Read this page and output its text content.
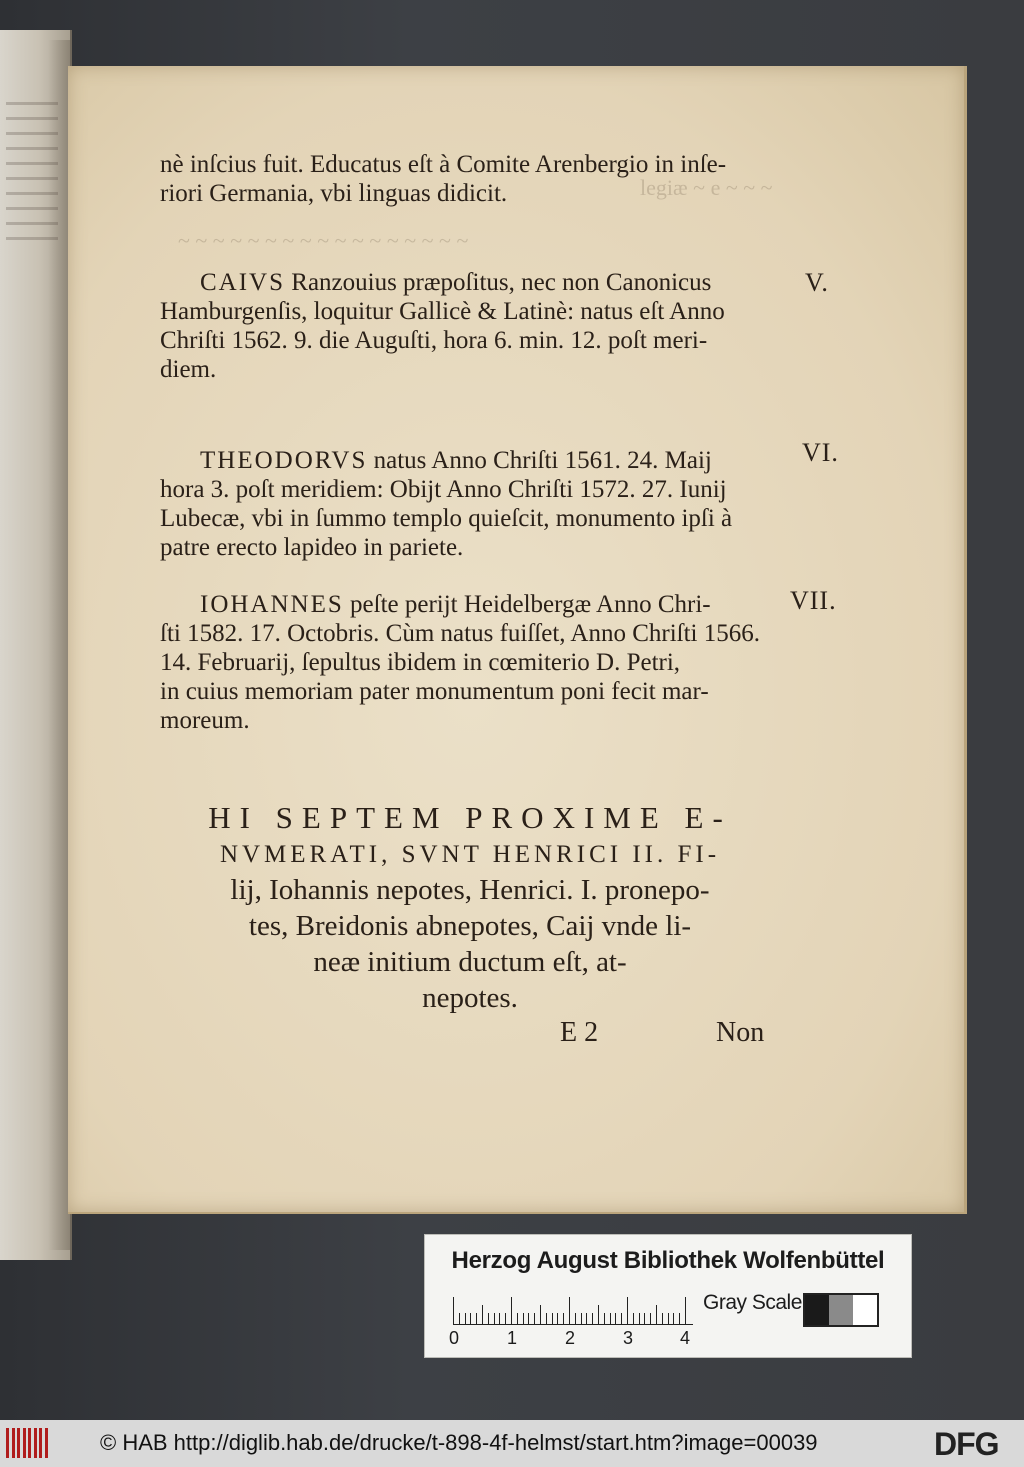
legiæ ~ e ~ ~ ~
~ ~ ~ ~ ~ ~ ~ ~ ~ ~ ~ ~ ~ ~ ~ ~ ~
nè inſcius fuit. Educatus eſt à Comite Arenbergio in inſe-
riori Germania, vbi linguas didicit.
CAIVS Ranzouius præpoſitus, nec non Canonicus
Hamburgenſis, loquitur Gallicè & Latinè: natus eſt Anno
Chriſti 1562. 9. die Auguſti, hora 6. min. 12. poſt meri-
diem.
V.
THEODORVS natus Anno Chriſti 1561. 24. Maij
hora 3. poſt meridiem: Obijt Anno Chriſti 1572. 27. Iunij
Lubecæ, vbi in ſummo templo quieſcit, monumento ipſi à
patre erecto lapideo in pariete.
VI.
IOHANNES peſte perijt Heidelbergæ Anno Chri-
ſti 1582. 17. Octobris. Cùm natus fuiſſet, Anno Chriſti 1566.
14. Februarij, ſepultus ibidem in cœmiterio D. Petri,
in cuius memoriam pater monumentum poni fecit mar-
moreum.
VII.
HI SEPTEM PROXIME E-
NVMERATI, SVNT HENRICI II. FI-
lij, Iohannis nepotes, Henrici. I. pronepo-
tes, Breidonis abnepotes, Caij vnde li-
neæ initium ductum eſt, at-
nepotes.
E 2	Non
Herzog August Bibliothek Wolfenbüttel
0	1	2	3	4
Gray Scale
© HAB http://diglib.hab.de/drucke/t-898-4f-helmst/start.htm?image=00039	DFG
